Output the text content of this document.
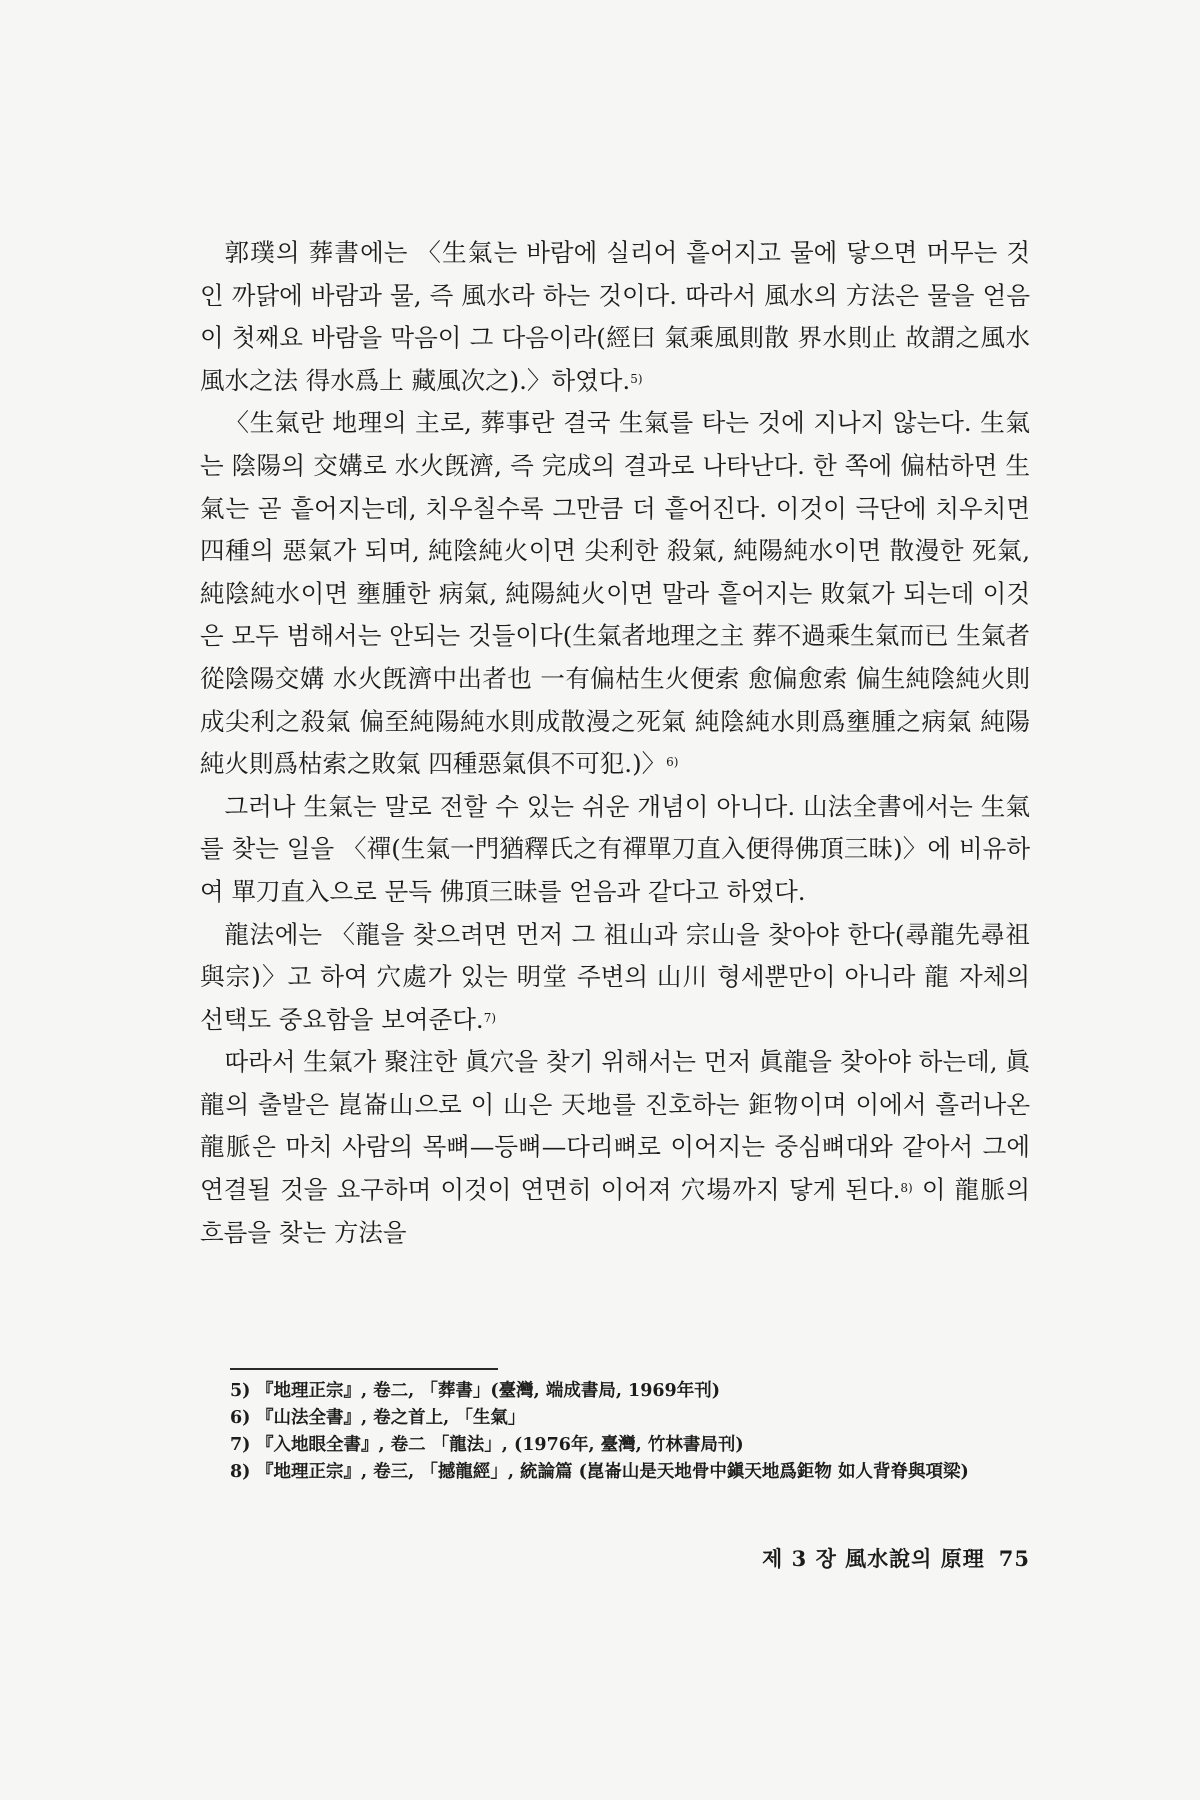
郭璞의 葬書에는 〈生氣는 바람에 실리어 흩어지고 물에 닿으면 머무는 것인 까닭에 바람과 물, 즉 風水라 하는 것이다. 따라서 風水의 方法은 물을 얻음이 첫째요 바람을 막음이 그 다음이라(經曰 氣乘風則散 界水則止 故謂之風水 風水之法 得水爲上 藏風次之).〉하였다.$^{5)}$

〈生氣란 地理의 主로, 葬事란 결국 生氣를 타는 것에 지나지 않는다. 生氣는 陰陽의 交媾로 水火旣濟, 즉 完成의 결과로 나타난다. 한 쪽에 偏枯하면 生氣는 곧 흩어지는데, 치우칠수록 그만큼 더 흩어진다. 이것이 극단에 치우치면 四種의 惡氣가 되며, 純陰純火이면 尖利한 殺氣, 純陽純水이면 散漫한 死氣, 純陰純水이면 壅腫한 病氣, 純陽純火이면 말라 흩어지는 敗氣가 되는데 이것은 모두 범해서는 안되는 것들이다(生氣者地理之主 葬不過乘生氣而已 生氣者從陰陽交媾 水火旣濟中出者也 一有偏枯生火便索 愈偏愈索 偏生純陰純火則成尖利之殺氣 偏至純陽純水則成散漫之死氣 純陰純水則爲壅腫之病氣 純陽純火則爲枯索之敗氣 四種惡氣俱不可犯.)〉$^{6)}$

그러나 生氣는 말로 전할 수 있는 쉬운 개념이 아니다. 山法全書에서는 生氣를 찾는 일을 〈禪(生氣一門猶釋氏之有禪單刀直入便得佛頂三昧)〉에 비유하여 單刀直入으로 문득 佛頂三昧를 얻음과 같다고 하였다.

龍法에는 〈龍을 찾으려면 먼저 그 祖山과 宗山을 찾아야 한다(尋龍先尋祖與宗)〉고 하여 穴處가 있는 明堂 주변의 山川 형세뿐만이 아니라 龍 자체의 선택도 중요함을 보여준다.$^{7)}$

따라서 生氣가 聚注한 眞穴을 찾기 위해서는 먼저 眞龍을 찾아야 하는데, 眞龍의 출발은 崑崙山으로 이 山은 天地를 진호하는 鉅物이며 이에서 흘러나온 龍脈은 마치 사람의 목뼈—등뼈—다리뼈로 이어지는 중심뼈대와 같아서 그에 연결될 것을 요구하며 이것이 연면히 이어져 穴場까지 닿게 된다.$^{8)}$ 이 龍脈의 흐름을 찾는 方法을

5) 『地理正宗』, 卷二, 「葬書」(臺灣, 端成書局, 1969年刊)
6) 『山法全書』, 卷之首上, 「生氣」
7) 『入地眼全書』, 卷二 「龍法」, (1976年, 臺灣, 竹林書局刊)
8) 『地理正宗』, 卷三, 「撼龍經」, 統論篇 (崑崙山是天地骨中鎭天地爲鉅物 如人背脊與項梁)
제 3 장 風水說의 原理 75
